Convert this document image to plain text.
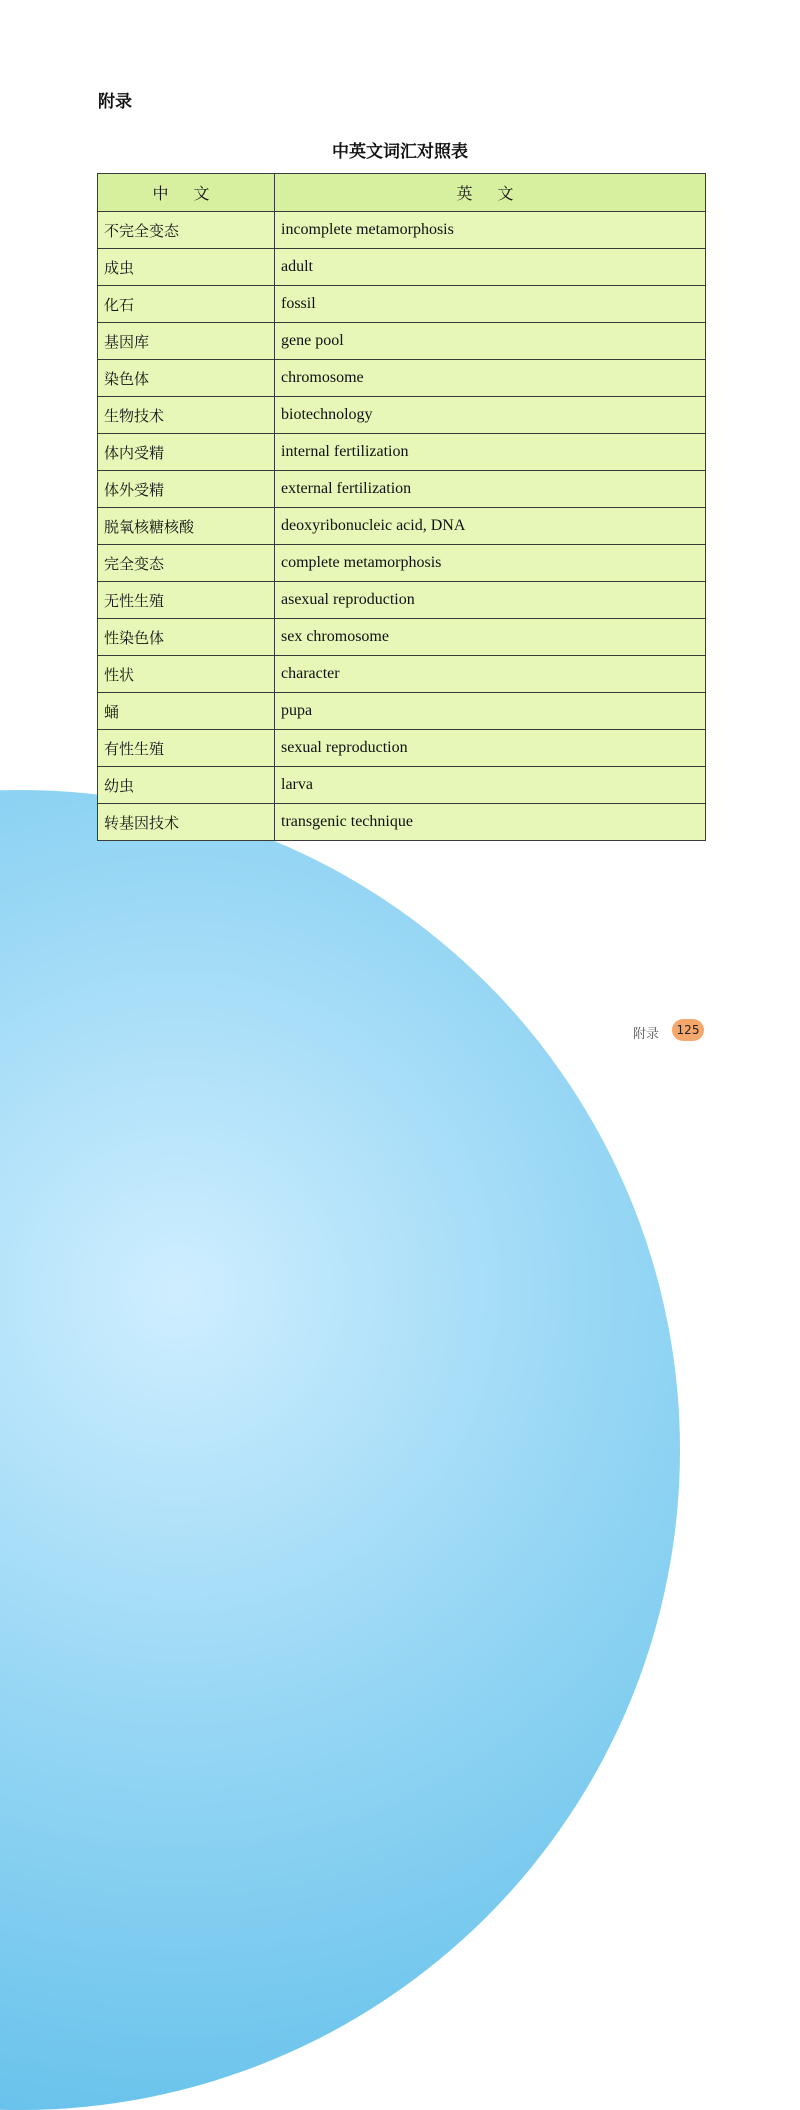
附录
中英文词汇对照表
中 文	英 文
不完全变态	incomplete metamorphosis
成虫	adult
化石	fossil
基因库	gene pool
染色体	chromosome
生物技术	biotechnology
体内受精	internal fertilization
体外受精	external fertilization
脱氧核糖核酸	deoxyribonucleic acid, DNA
完全变态	complete metamorphosis
无性生殖	asexual reproduction
性染色体	sex chromosome
性状	character
蛹	pupa
有性生殖	sexual reproduction
幼虫	larva
转基因技术	transgenic technique
附录	125
